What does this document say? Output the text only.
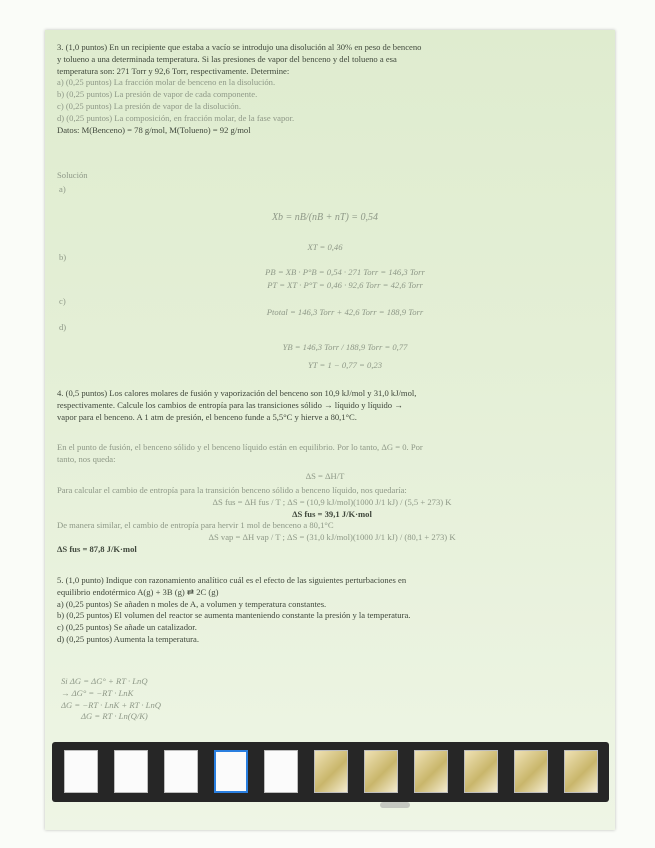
3. (1,0 puntos) En un recipiente que estaba a vacío se introdujo una disolución al 30% en peso de benceno
y tolueno a una determinada temperatura. Si las presiones de vapor del benceno y del tolueno a esa
temperatura son: 271 Torr y 92,6 Torr, respectivamente. Determine:
a) (0,25 puntos) La fracción molar de benceno en la disolución.
b) (0,25 puntos) La presión de vapor de cada componente.
c) (0,25 puntos) La presión de vapor de la disolución.
d) (0,25 puntos) La composición, en fracción molar, de la fase vapor.
Datos: M(Benceno) = 78 g/mol, M(Tolueno) = 92 g/mol
Solución
a)
Xb = nB/(nB + nT) = 0,54
XT = 0,46
b)
PB = XB · P°B = 0,54 · 271 Torr = 146,3 Torr
PT = XT · P°T = 0,46 · 92,6 Torr = 42,6 Torr
c)
Ptotal = 146,3 Torr + 42,6 Torr = 188,9 Torr
d)
YB = 146,3 Torr / 188,9 Torr = 0,77
YT = 1 − 0,77 = 0,23
4. (0,5 puntos) Los calores molares de fusión y vaporización del benceno son 10,9 kJ/mol y 31,0 kJ/mol,
respectivamente. Calcule los cambios de entropía para las transiciones sólido → líquido y líquido →
vapor para el benceno. A 1 atm de presión, el benceno funde a 5,5°C y hierve a 80,1°C.
En el punto de fusión, el benceno sólido y el benceno líquido están en equilibrio. Por lo tanto, ΔG = 0. Por
tanto, nos queda:
ΔS = ΔH/T
Para calcular el cambio de entropía para la transición benceno sólido a benceno líquido, nos quedaría:
ΔS fus = ΔH fus / T ; ΔS = (10,9 kJ/mol)(1000 J/1 kJ) / (5,5 + 273) K
ΔS fus = 39,1 J/K·mol
De manera similar, el cambio de entropía para hervir 1 mol de benceno a 80,1°C
ΔS vap = ΔH vap / T ; ΔS = (31,0 kJ/mol)(1000 J/1 kJ) / (80,1 + 273) K
ΔS fus = 87,8 J/K·mol
5. (1,0 punto) Indique con razonamiento analítico cuál es el efecto de las siguientes perturbaciones en
equilibrio endotérmico A(g) + 3B (g) ⇄ 2C (g)
a) (0,25 puntos) Se añaden n moles de A, a volumen y temperatura constantes.
b) (0,25 puntos) El volumen del reactor se aumenta manteniendo constante la presión y la temperatura.
c) (0,25 puntos) Se añade un catalizador.
d) (0,25 puntos) Aumenta la temperatura.
Si ΔG = ΔG° + RT · LnQ
→ ΔG° = −RT · LnK
ΔG = −RT · LnK + RT · LnQ
ΔG = RT · Ln(Q/K)
